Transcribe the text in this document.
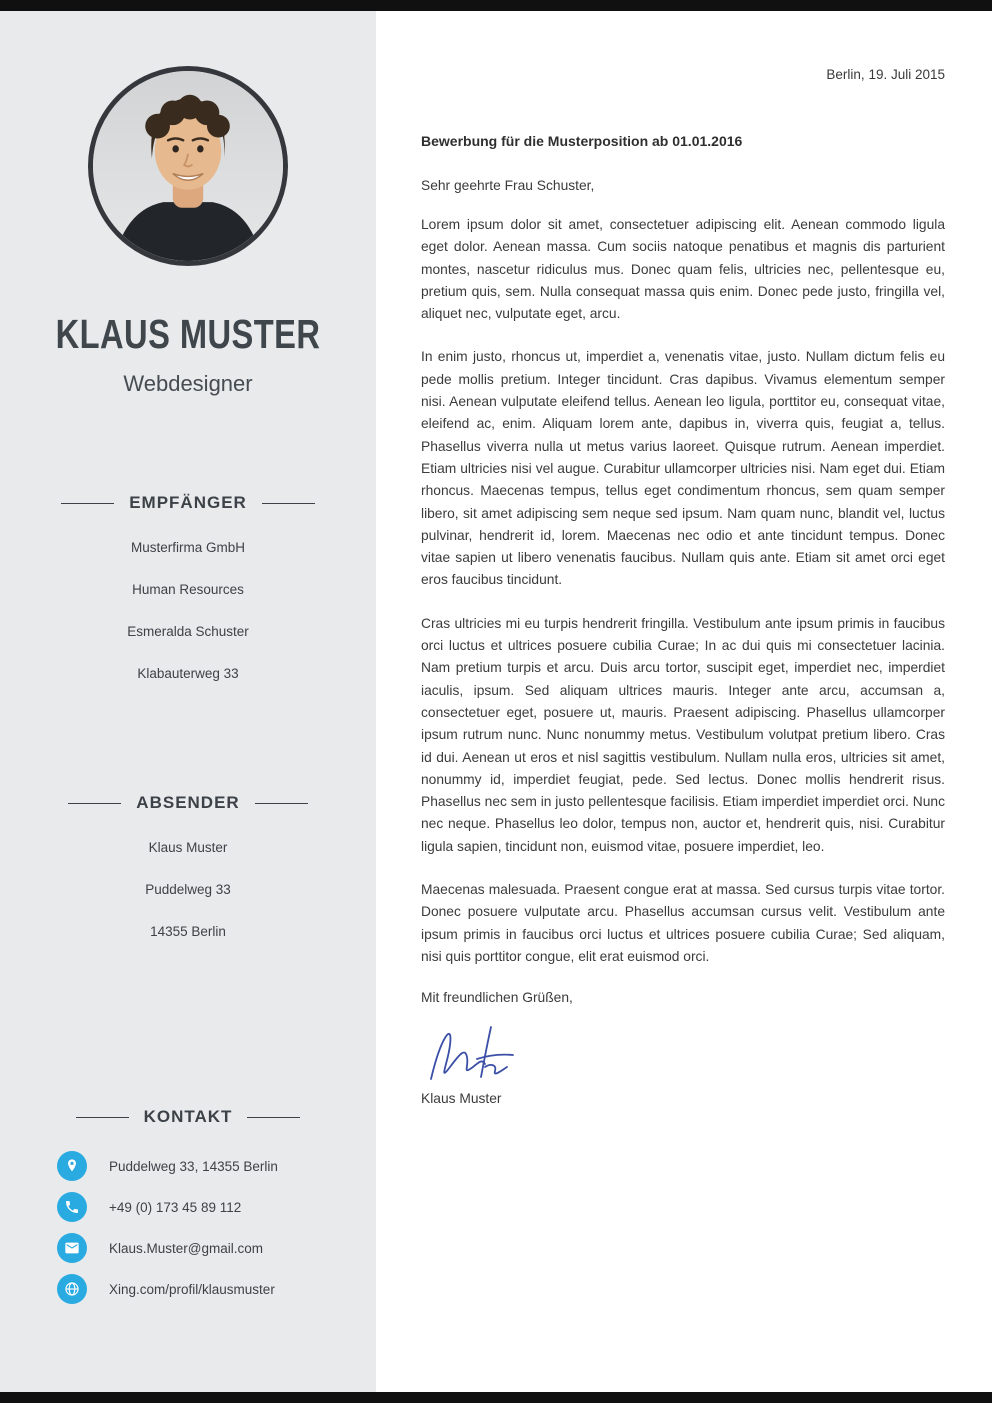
KLAUS MUSTER
Webdesigner
EMPFÄNGER
Musterfirma GmbH
Human Resources
Esmeralda Schuster
Klabauterweg 33
ABSENDER
Klaus Muster
Puddelweg 33
14355 Berlin
KONTAKT
Puddelweg 33, 14355 Berlin
+49 (0) 173 45 89 112
Klaus.Muster@gmail.com
Xing.com/profil/klausmuster
Berlin, 19. Juli 2015
Bewerbung für die Musterposition ab 01.01.2016
Sehr geehrte Frau Schuster,

Lorem ipsum dolor sit amet, consectetuer adipiscing elit. Aenean commodo ligula eget dolor. Aenean massa. Cum sociis natoque penatibus et magnis dis parturient montes, nascetur ridiculus mus. Donec quam felis, ultricies nec, pellentesque eu, pretium quis, sem. Nulla consequat massa quis enim. Donec pede justo, fringilla vel, aliquet nec, vulputate eget, arcu.

In enim justo, rhoncus ut, imperdiet a, venenatis vitae, justo. Nullam dictum felis eu pede mollis pretium. Integer tincidunt. Cras dapibus. Vivamus elementum semper nisi. Aenean vulputate eleifend tellus. Aenean leo ligula, porttitor eu, consequat vitae, eleifend ac, enim. Aliquam lorem ante, dapibus in, viverra quis, feugiat a, tellus. Phasellus viverra nulla ut metus varius laoreet. Quisque rutrum. Aenean imperdiet. Etiam ultricies nisi vel augue. Curabitur ullamcorper ultricies nisi. Nam eget dui. Etiam rhoncus. Maecenas tempus, tellus eget condimentum rhoncus, sem quam semper libero, sit amet adipiscing sem neque sed ipsum. Nam quam nunc, blandit vel, luctus pulvinar, hendrerit id, lorem. Maecenas nec odio et ante tincidunt tempus. Donec vitae sapien ut libero venenatis faucibus. Nullam quis ante. Etiam sit amet orci eget eros faucibus tincidunt.

Cras ultricies mi eu turpis hendrerit fringilla. Vestibulum ante ipsum primis in faucibus orci luctus et ultrices posuere cubilia Curae; In ac dui quis mi consectetuer lacinia. Nam pretium turpis et arcu. Duis arcu tortor, suscipit eget, imperdiet nec, imperdiet iaculis, ipsum. Sed aliquam ultrices mauris. Integer ante arcu, accumsan a, consectetuer eget, posuere ut, mauris. Praesent adipiscing. Phasellus ullamcorper ipsum rutrum nunc. Nunc nonummy metus. Vestibulum volutpat pretium libero. Cras id dui. Aenean ut eros et nisl sagittis vestibulum. Nullam nulla eros, ultricies sit amet, nonummy id, imperdiet feugiat, pede. Sed lectus. Donec mollis hendrerit risus. Phasellus nec sem in justo pellentesque facilisis. Etiam imperdiet imperdiet orci. Nunc nec neque. Phasellus leo dolor, tempus non, auctor et, hendrerit quis, nisi. Curabitur ligula sapien, tincidunt non, euismod vitae, posuere imperdiet, leo.

Maecenas malesuada. Praesent congue erat at massa. Sed cursus turpis vitae tortor. Donec posuere vulputate arcu. Phasellus accumsan cursus velit. Vestibulum ante ipsum primis in faucibus orci luctus et ultrices posuere cubilia Curae; Sed aliquam, nisi quis porttitor congue, elit erat euismod orci.

Mit freundlichen Grüßen,
Klaus Muster
